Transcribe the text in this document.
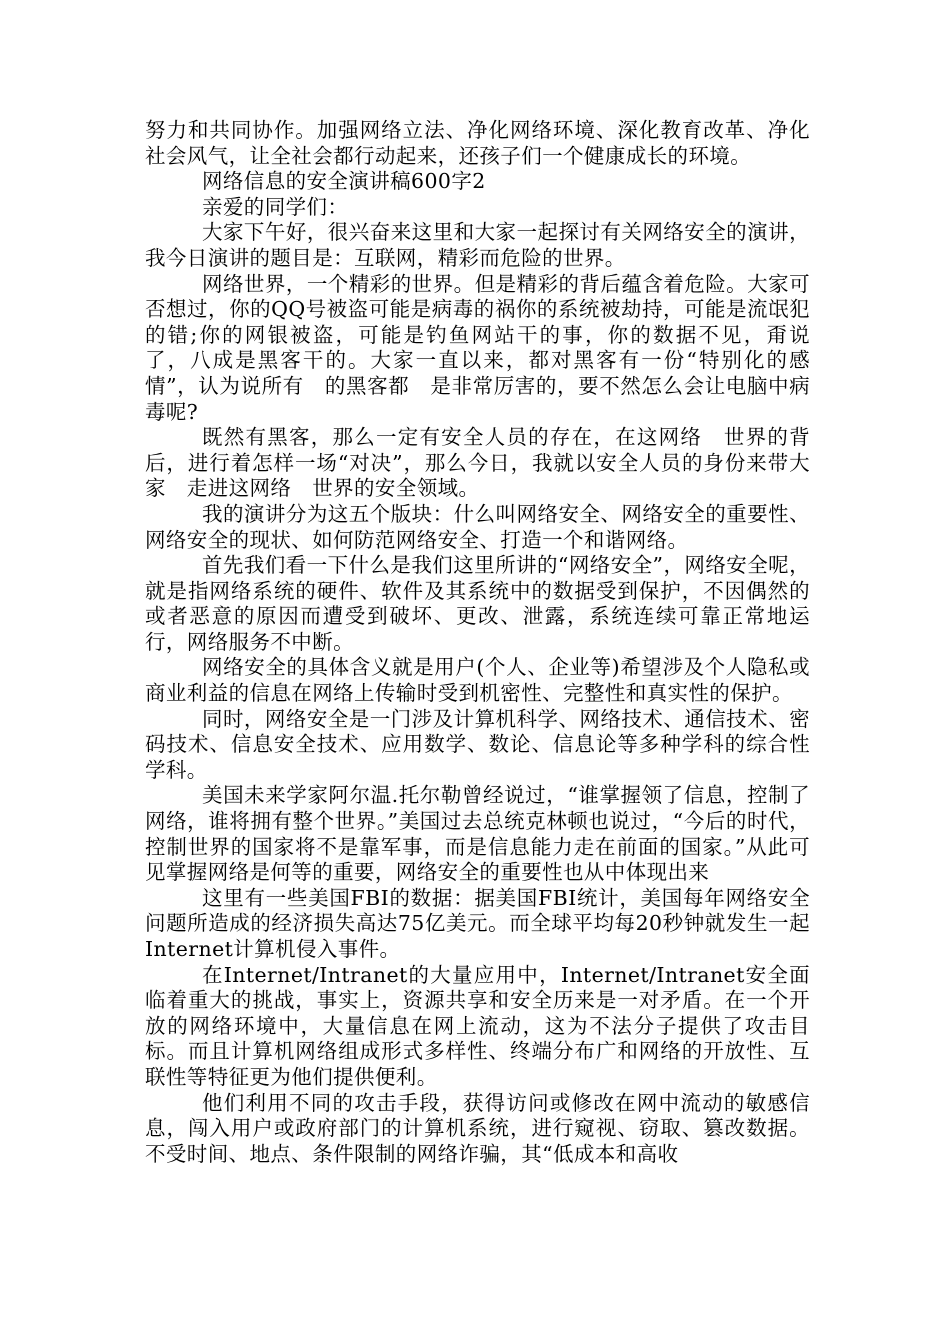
努力和共同协作。加强网络立法、净化网络环境、深化教育改革、净化社会风气，让全社会都行动起来，还孩子们一个健康成长的环境。

网络信息的安全演讲稿600字2

亲爱的同学们：

大家下午好，很兴奋来这里和大家一起探讨有关网络安全的演讲，我今日演讲的题目是：互联网，精彩而危险的世界。

网络世界，一个精彩的世界。但是精彩的背后蕴含着危险。大家可否想过，你的QQ号被盗可能是病毒的祸你的系统被劫持，可能是流氓犯的错;你的网银被盗，可能是钓鱼网站干的事，你的数据不见，甭说　了，八成是黑客干的。大家一直以来，都对黑客有一份“特别化的感情”，认为说所有　的黑客都　是非常厉害的，要不然怎么会让电脑中病毒呢?

既然有黑客，那么一定有安全人员的存在，在这网络　世界的背后，进行着怎样一场“对决”，那么今日，我就以安全人员的身份来带大家　走进这网络　世界的安全领域。

我的演讲分为这五个版块：什么叫网络安全、网络安全的重要性、网络安全的现状、如何防范网络安全、打造一个和谐网络。

首先我们看一下什么是我们这里所讲的“网络安全”，网络安全呢，就是指网络系统的硬件、软件及其系统中的数据受到保护，不因偶然的或者恶意的原因而遭受到破坏、更改、泄露，系统连续可靠正常地运行，网络服务不中断。

网络安全的具体含义就是用户(个人、企业等)希望涉及个人隐私或商业利益的信息在网络上传输时受到机密性、完整性和真实性的保护。

同时，网络安全是一门涉及计算机科学、网络技术、通信技术、密码技术、信息安全技术、应用数学、数论、信息论等多种学科的综合性学科。

美国未来学家阿尔温.托尔勒曾经说过，“谁掌握领了信息，控制了网络，谁将拥有整个世界。”美国过去总统克林顿也说过，“今后的时代，控制世界的国家将不是靠军事，而是信息能力走在前面的国家。”从此可见掌握网络是何等的重要，网络安全的重要性也从中体现出来

这里有一些美国FBI的数据：据美国FBI统计，美国每年网络安全问题所造成的经济损失高达75亿美元。而全球平均每20秒钟就发生一起Internet计算机侵入事件。

在Internet/Intranet的大量应用中，Internet/Intranet安全面临着重大的挑战，事实上，资源共享和安全历来是一对矛盾。在一个开放的网络环境中，大量信息在网上流动，这为不法分子提供了攻击目标。而且计算机网络组成形式多样性、终端分布广和网络的开放性、互联性等特征更为他们提供便利。

他们利用不同的攻击手段，获得访问或修改在网中流动的敏感信息，闯入用户或政府部门的计算机系统，进行窥视、窃取、篡改数据。不受时间、地点、条件限制的网络诈骗，其“低成本和高收
